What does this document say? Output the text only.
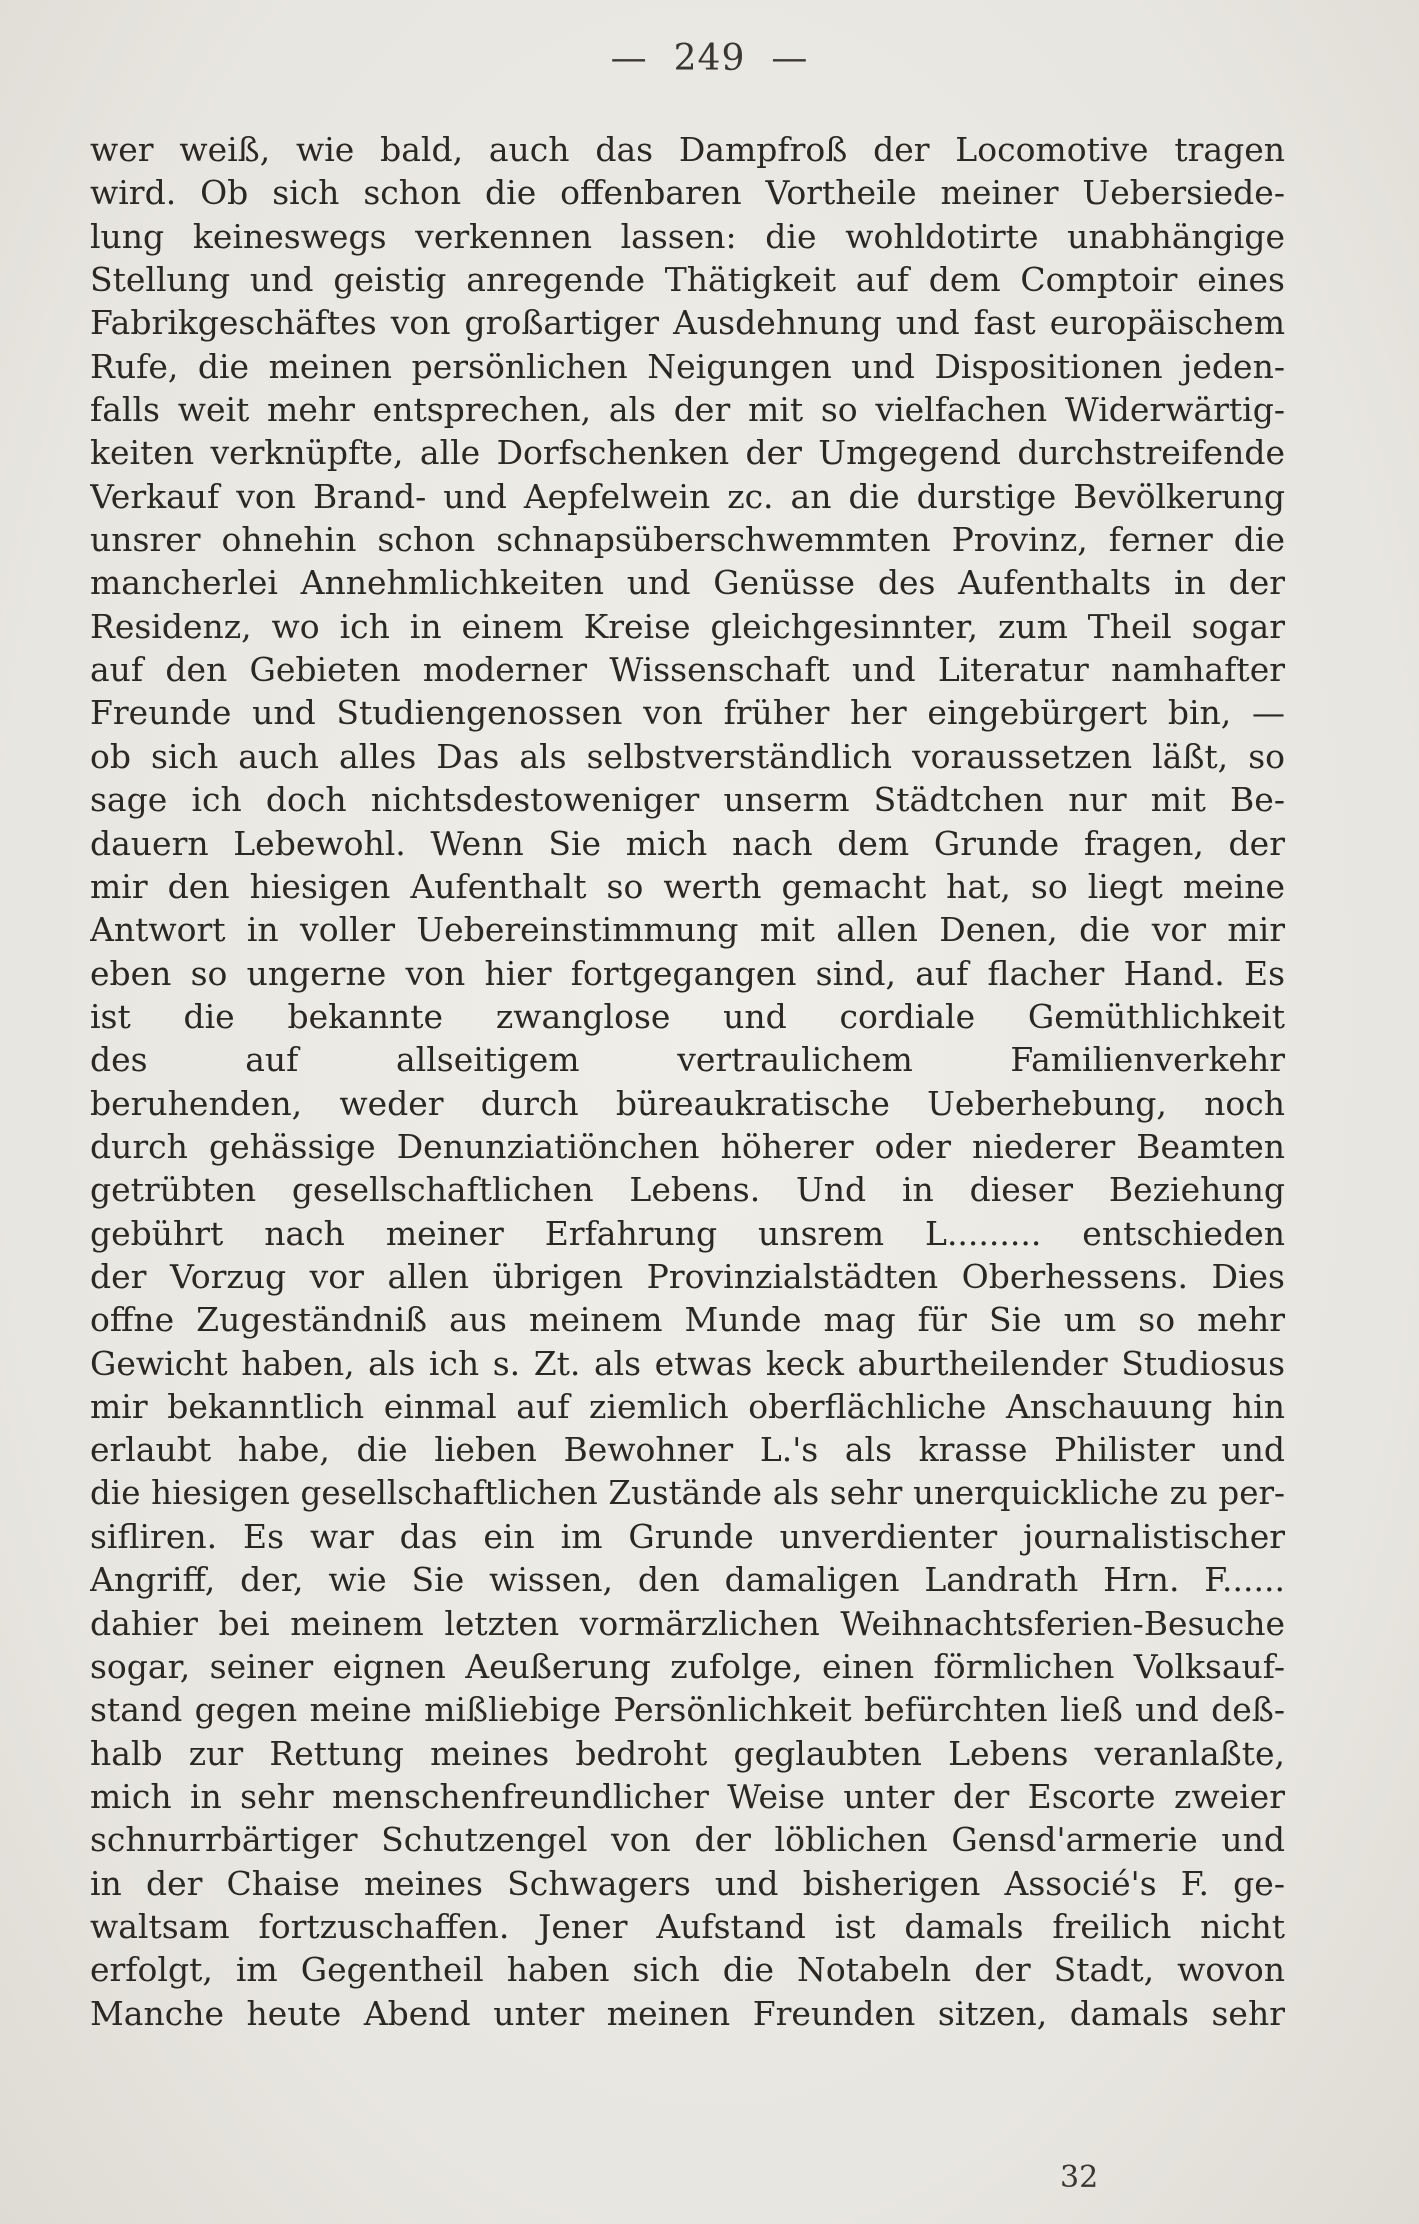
— 249 —
wer weiß, wie bald, auch das Dampfroß der Locomotive tragen
wird. Ob sich schon die offenbaren Vortheile meiner Uebersiede-
lung keineswegs verkennen lassen: die wohldotirte unabhängige
Stellung und geistig anregende Thätigkeit auf dem Comptoir eines
Fabrikgeschäftes von großartiger Ausdehnung und fast europäischem
Rufe, die meinen persönlichen Neigungen und Dispositionen jeden-
falls weit mehr entsprechen, als der mit so vielfachen Widerwärtig-
keiten verknüpfte, alle Dorfschenken der Umgegend durchstreifende
Verkauf von Brand- und Aepfelwein zc. an die durstige Bevölkerung
unsrer ohnehin schon schnapsüberschwemmten Provinz, ferner die
mancherlei Annehmlichkeiten und Genüsse des Aufenthalts in der
Residenz, wo ich in einem Kreise gleichgesinnter, zum Theil sogar
auf den Gebieten moderner Wissenschaft und Literatur namhafter
Freunde und Studiengenossen von früher her eingebürgert bin, —
ob sich auch alles Das als selbstverständlich voraussetzen läßt, so
sage ich doch nichtsdestoweniger unserm Städtchen nur mit Be-
dauern Lebewohl. Wenn Sie mich nach dem Grunde fragen, der
mir den hiesigen Aufenthalt so werth gemacht hat, so liegt meine
Antwort in voller Uebereinstimmung mit allen Denen, die vor mir
eben so ungerne von hier fortgegangen sind, auf flacher Hand. Es
ist die bekannte zwanglose und cordiale Gemüthlichkeit
des auf allseitigem vertraulichem Familienverkehr
beruhenden, weder durch büreaukratische Ueberhebung, noch
durch gehässige Denunziatiönchen höherer oder niederer Beamten
getrübten gesellschaftlichen Lebens. Und in dieser Beziehung
gebührt nach meiner Erfahrung unsrem L......... entschieden
der Vorzug vor allen übrigen Provinzialstädten Oberhessens. Dies
offne Zugeständniß aus meinem Munde mag für Sie um so mehr
Gewicht haben, als ich s. Zt. als etwas keck aburtheilender Studiosus
mir bekanntlich einmal auf ziemlich oberflächliche Anschauung hin
erlaubt habe, die lieben Bewohner L.'s als krasse Philister und
die hiesigen gesellschaftlichen Zustände als sehr unerquickliche zu per-
sifliren. Es war das ein im Grunde unverdienter journalistischer
Angriff, der, wie Sie wissen, den damaligen Landrath Hrn. F......
dahier bei meinem letzten vormärzlichen Weihnachtsferien-Besuche
sogar, seiner eignen Aeußerung zufolge, einen förmlichen Volksauf-
stand gegen meine mißliebige Persönlichkeit befürchten ließ und deß-
halb zur Rettung meines bedroht geglaubten Lebens veranlaßte,
mich in sehr menschenfreundlicher Weise unter der Escorte zweier
schnurrbärtiger Schutzengel von der löblichen Gensd'armerie und
in der Chaise meines Schwagers und bisherigen Associé's F. ge-
waltsam fortzuschaffen. Jener Aufstand ist damals freilich nicht
erfolgt, im Gegentheil haben sich die Notabeln der Stadt, wovon
Manche heute Abend unter meinen Freunden sitzen, damals sehr
32
